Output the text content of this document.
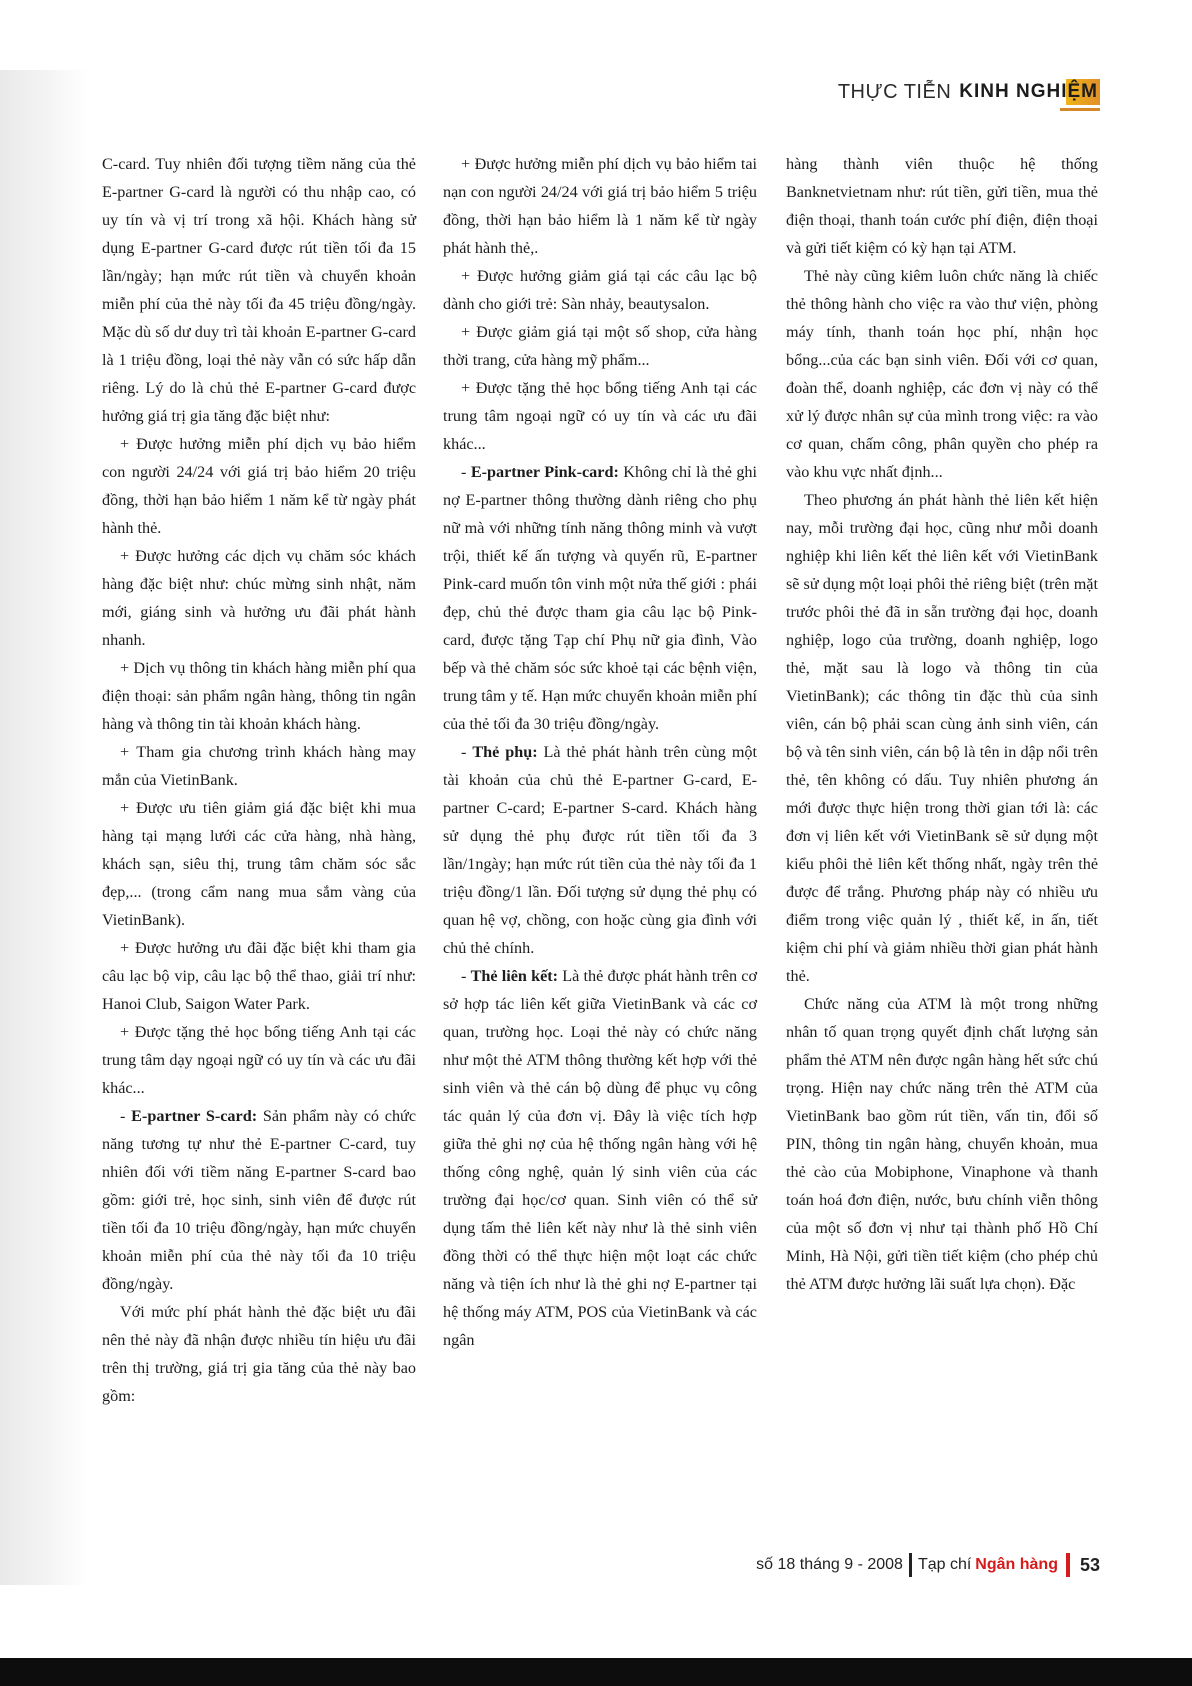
THỰC TIỄN KINH NGHIỆM

C-card. Tuy nhiên đối tượng tiềm năng của thẻ E-partner G-card là người có thu nhập cao, có uy tín và vị trí trong xã hội. Khách hàng sử dụng E-partner G-card được rút tiền tối đa 15 lần/ngày; hạn mức rút tiền và chuyển khoản miễn phí của thẻ này tối đa 45 triệu đồng/ngày. Mặc dù số dư duy trì tài khoản E-partner G-card là 1 triệu đồng, loại thẻ này vẫn có sức hấp dẫn riêng. Lý do là chủ thẻ E-partner G-card được hưởng giá trị gia tăng đặc biệt như:

+ Được hưởng miễn phí dịch vụ bảo hiểm con người 24/24 với giá trị bảo hiểm 20 triệu đồng, thời hạn bảo hiểm 1 năm kể từ ngày phát hành thẻ.

+ Được hưởng các dịch vụ chăm sóc khách hàng đặc biệt như: chúc mừng sinh nhật, năm mới, giáng sinh và hưởng ưu đãi phát hành nhanh.

+ Dịch vụ thông tin khách hàng miễn phí qua điện thoại: sản phẩm ngân hàng, thông tin ngân hàng và thông tin tài khoản khách hàng.

+ Tham gia chương trình khách hàng may mắn của VietinBank.

+ Được ưu tiên giảm giá đặc biệt khi mua hàng tại mạng lưới các cửa hàng, nhà hàng, khách sạn, siêu thị, trung tâm chăm sóc sắc đẹp,... (trong cẩm nang mua sắm vàng của VietinBank).

+ Được hưởng ưu đãi đặc biệt khi tham gia câu lạc bộ vip, câu lạc bộ thể thao, giải trí như: Hanoi Club, Saigon Water Park.

+ Được tặng thẻ học bổng tiếng Anh tại các trung tâm dạy ngoại ngữ có uy tín và các ưu đãi khác...

- E-partner S-card: Sản phẩm này có chức năng tương tự như thẻ E-partner C-card, tuy nhiên đối với tiềm năng E-partner S-card bao gồm: giới trẻ, học sinh, sinh viên để được rút tiền tối đa 10 triệu đồng/ngày, hạn mức chuyển khoản miễn phí của thẻ này tối đa 10 triệu đồng/ngày.

Với mức phí phát hành thẻ đặc biệt ưu đãi nên thẻ này đã nhận được nhiều tín hiệu ưu đãi trên thị trường, giá trị gia tăng của thẻ này bao gồm:

+ Được hưởng miễn phí dịch vụ bảo hiểm tai nạn con người 24/24 với giá trị bảo hiểm 5 triệu đồng, thời hạn bảo hiểm là 1 năm kể từ ngày phát hành thẻ,.

+ Được hưởng giảm giá tại các câu lạc bộ dành cho giới trẻ: Sàn nhảy, beautysalon.

+ Được giảm giá tại một số shop, cửa hàng thời trang, cửa hàng mỹ phẩm...

+ Được tặng thẻ học bổng tiếng Anh tại các trung tâm ngoại ngữ có uy tín và các ưu đãi khác...

- E-partner Pink-card: Không chỉ là thẻ ghi nợ E-partner thông thường dành riêng cho phụ nữ mà với những tính năng thông minh và vượt trội, thiết kế ấn tượng và quyến rũ, E-partner Pink-card muốn tôn vinh một nửa thế giới : phái đẹp, chủ thẻ được tham gia câu lạc bộ Pink- card, được tặng Tạp chí Phụ nữ gia đình, Vào bếp và thẻ chăm sóc sức khoẻ tại các bệnh viện, trung tâm y tế. Hạn mức chuyển khoản miễn phí của thẻ tối đa 30 triệu đồng/ngày.

- Thẻ phụ: Là thẻ phát hành trên cùng một tài khoản của chủ thẻ E-partner G-card, E-partner C-card; E-partner S-card. Khách hàng sử dụng thẻ phụ được rút tiền tối đa 3 lần/1ngày; hạn mức rút tiền của thẻ này tối đa 1 triệu đồng/1 lần. Đối tượng sử dụng thẻ phụ có quan hệ vợ, chồng, con hoặc cùng gia đình với chủ thẻ chính.

- Thẻ liên kết: Là thẻ được phát hành trên cơ sở hợp tác liên kết giữa VietinBank và các cơ quan, trường học. Loại thẻ này có chức năng như một thẻ ATM thông thường kết hợp với thẻ sinh viên và thẻ cán bộ dùng để phục vụ công tác quản lý của đơn vị. Đây là việc tích hợp giữa thẻ ghi nợ của hệ thống ngân hàng với hệ thống công nghệ, quản lý sinh viên của các trường đại học/cơ quan. Sinh viên có thể sử dụng tấm thẻ liên kết này như là thẻ sinh viên đồng thời có thể thực hiện một loạt các chức năng và tiện ích như là thẻ ghi nợ E-partner tại hệ thống máy ATM, POS của VietinBank và các ngân

hàng thành viên thuộc hệ thống Banknetvietnam như: rút tiền, gửi tiền, mua thẻ điện thoại, thanh toán cước phí điện, điện thoại và gửi tiết kiệm có kỳ hạn tại ATM.

Thẻ này cũng kiêm luôn chức năng là chiếc thẻ thông hành cho việc ra vào thư viện, phòng máy tính, thanh toán học phí, nhận học bổng...của các bạn sinh viên. Đối với cơ quan, đoàn thể, doanh nghiệp, các đơn vị này có thể xử lý được nhân sự của mình trong việc: ra vào cơ quan, chấm công, phân quyền cho phép ra vào khu vực nhất định...

Theo phương án phát hành thẻ liên kết hiện nay, mỗi trường đại học, cũng như mỗi doanh nghiệp khi liên kết thẻ liên kết với VietinBank sẽ sử dụng một loại phôi thẻ riêng biệt (trên mặt trước phôi thẻ đã in sẵn trường đại học, doanh nghiệp, logo của trường, doanh nghiệp, logo thẻ, mặt sau là logo và thông tin của VietinBank); các thông tin đặc thù của sinh viên, cán bộ phải scan cùng ảnh sinh viên, cán bộ và tên sinh viên, cán bộ là tên in dập nổi trên thẻ, tên không có dấu. Tuy nhiên phương án mới được thực hiện trong thời gian tới là: các đơn vị liên kết với VietinBank sẽ sử dụng một kiểu phôi thẻ liên kết thống nhất, ngày trên thẻ được để trắng. Phương pháp này có nhiều ưu điểm trong việc quản lý , thiết kế, in ấn, tiết kiệm chi phí và giảm nhiều thời gian phát hành thẻ.

Chức năng của ATM là một trong những nhân tố quan trọng quyết định chất lượng sản phẩm thẻ ATM nên được ngân hàng hết sức chú trọng. Hiện nay chức năng trên thẻ ATM của VietinBank bao gồm rút tiền, vấn tin, đổi số PIN, thông tin ngân hàng, chuyển khoản, mua thẻ cào của Mobiphone, Vinaphone và thanh toán hoá đơn điện, nước, bưu chính viễn thông của một số đơn vị như tại thành phố Hồ Chí Minh, Hà Nội, gửi tiền tiết kiệm (cho phép chủ thẻ ATM được hưởng lãi suất lựa chọn). Đặc

số 18 tháng 9 - 2008 Tạp chí Ngân hàng 53
